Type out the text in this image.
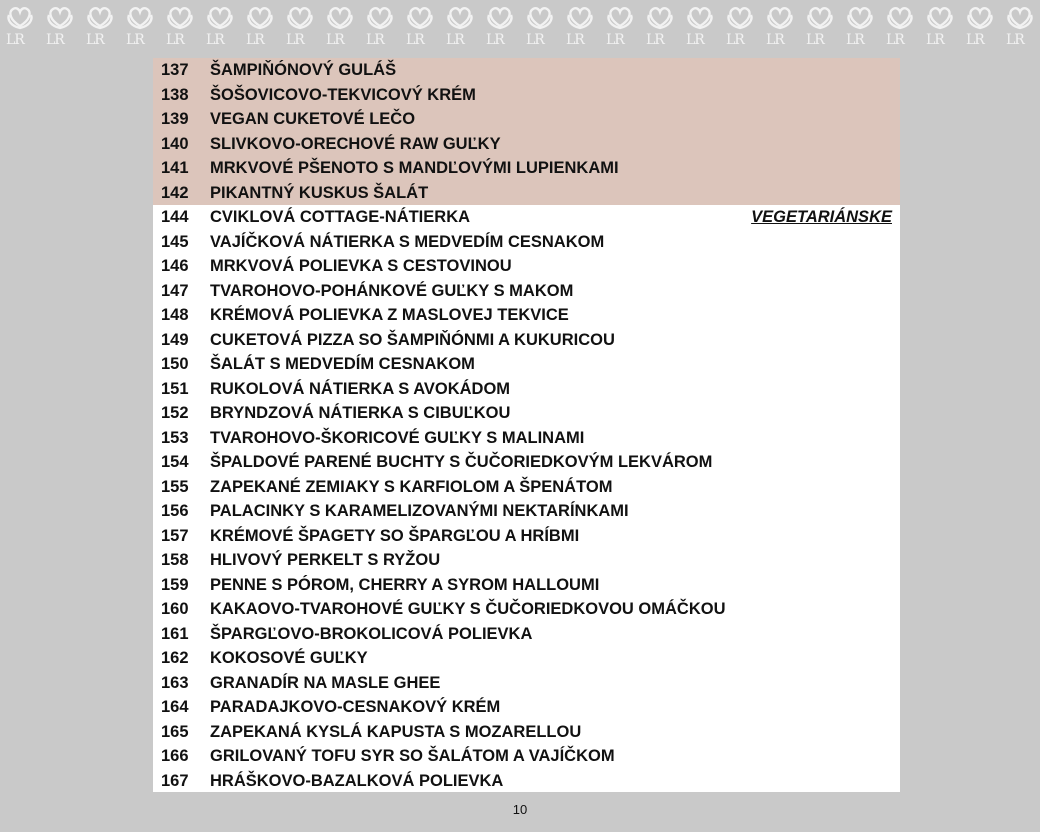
LR LR LR LR LR LR LR LR LR LR LR LR LR LR LR LR LR LR LR LR LR LR LR LR LR LR
137 ŠAMPIŇÓNOVÝ GULÁŠ
138 ŠOŠOVICOVO-TEKVICOVÝ KRÉM
139 VEGAN CUKETOVÉ LEČO
140 SLIVKOVO-ORECHOVÉ RAW GUĽKY
141 MRKVOVÉ PŠENOTO S MANDĽOVÝMI LUPIENKAMI
142 PIKANTNÝ KUSKUS ŠALÁT
144 CVIKLOVÁ COTTAGE-NÁTIERKA	VEGETARIÁNSKE
145 VAJÍČKOVÁ NÁTIERKA S MEDVEDÍM CESNAKOM
146 MRKVOVÁ POLIEVKA S CESTOVINOU
147 TVAROHOVO-POHÁNKOVÉ GUĽKY S MAKOM
148 KRÉMOVÁ POLIEVKA Z MASLOVEJ TEKVICE
149 CUKETOVÁ PIZZA SO ŠAMPIŇÓNMI A KUKURICOU
150 ŠALÁT S MEDVEDÍM CESNAKOM
151 RUKOLOVÁ NÁTIERKA S AVOKÁDOM
152 BRYNDZOVÁ NÁTIERKA S CIBUĽKOU
153 TVAROHOVO-ŠKORICOVÉ GUĽKY S MALINAMI
154 ŠPALDOVÉ PARENÉ BUCHTY S ČUČORIEDKOVÝM LEKVÁROM
155 ZAPEKANÉ ZEMIAKY S KARFIOLOM A ŠPENÁTOM
156 PALACINKY S KARAMELIZOVANÝMI NEKTARÍNKAMI
157 KRÉMOVÉ ŠPAGETY SO ŠPARGĽOU A HRÍBMI
158 HLIVOVÝ PERKELT S RYŽOU
159 PENNE S PÓROM, CHERRY A SYROM HALLOUMI
160 KAKAOVO-TVAROHOVÉ GUĽKY S ČUČORIEDKOVOU OMÁČKOU
161 ŠPARGĽOVO-BROKOLICOVÁ POLIEVKA
162 KOKOSOVÉ GUĽKY
163 GRANADÍR NA MASLE GHEE
164 PARADAJKOVO-CESNAKOVÝ KRÉM
165 ZAPEKANÁ KYSLÁ KAPUSTA S MOZARELLOU
166 GRILOVANÝ TOFU SYR SO ŠALÁTOM A VAJÍČKOM
167 HRÁŠKOVO-BAZALKOVÁ POLIEVKA
10
